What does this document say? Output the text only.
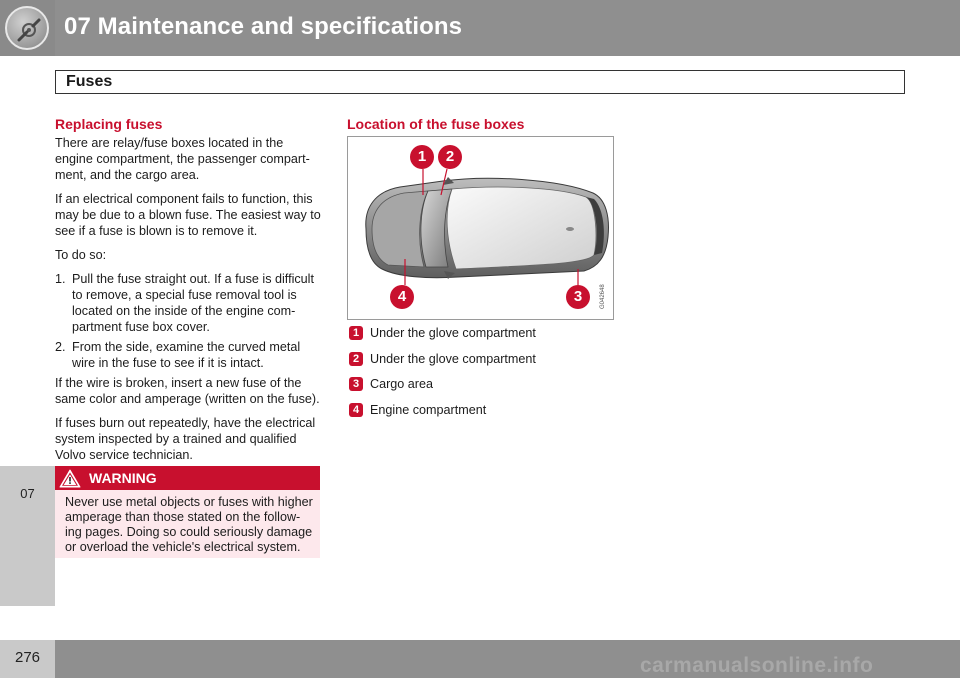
07 Maintenance and specifications
Fuses
07
Replacing fuses

There are relay/fuse boxes located in the engine compartment, the passenger compart-ment, and the cargo area.

If an electrical component fails to function, this may be due to a blown fuse. The easiest way to see if a fuse is blown is to remove it.

To do so:

1. Pull the fuse straight out. If a fuse is difficult to remove, a special fuse removal tool is located on the inside of the engine com-partment fuse box cover.
2. From the side, examine the curved metal wire in the fuse to see if it is intact.

If the wire is broken, insert a new fuse of the same color and amperage (written on the fuse).

If fuses burn out repeatedly, have the electrical system inspected by a trained and qualified Volvo service technician.

WARNING
Never use metal objects or fuses with higher amperage than those stated on the follow-ing pages. Doing so could seriously damage or overload the vehicle's electrical system.
Location of the fuse boxes
1	2
4	3	G042648
1 Under the glove compartment
2 Under the glove compartment
3 Cargo area
4 Engine compartment
276	carmanualsonline.info
